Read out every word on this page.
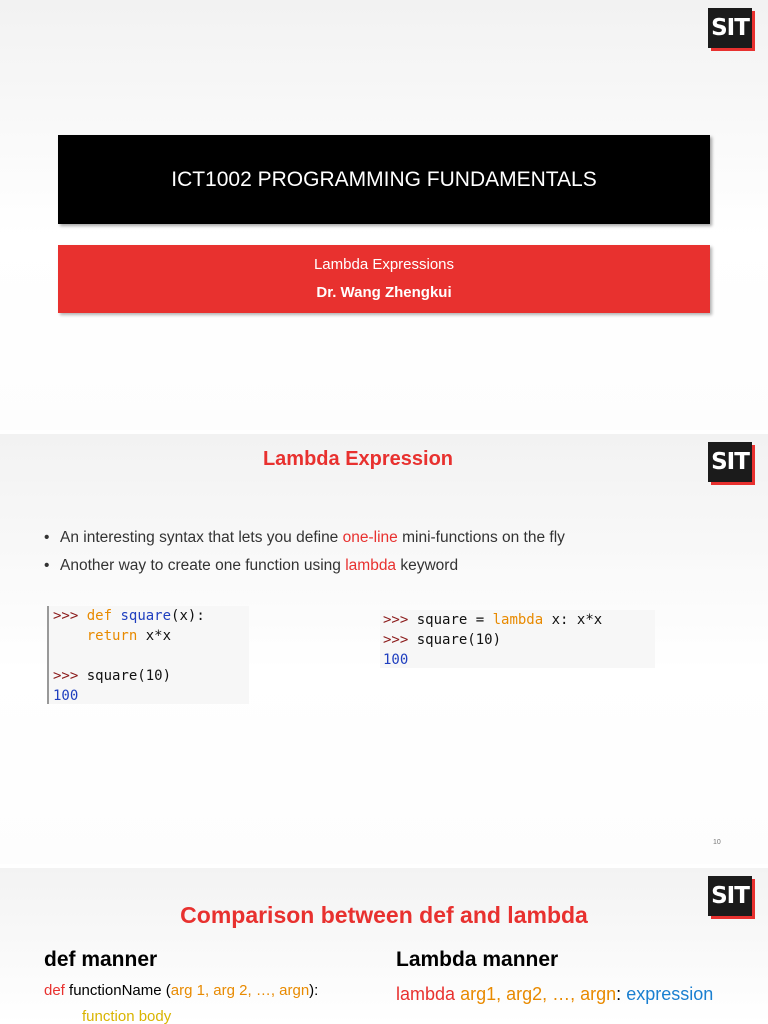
SIT
ICT1002 PROGRAMMING FUNDAMENTALS
Lambda Expressions
Dr. Wang Zhengkui
SIT
Lambda Expression
• An interesting syntax that lets you define one-line mini-functions on the fly
• Another way to create one function using lambda keyword
>>> def square(x):
return x*x

>>> square(10)
100
>>> square = lambda x: x*x
>>> square(10)
100
10
SIT
Comparison between def and lambda
def manner	Lambda manner
def functionName (arg 1, arg 2, …, argn):
function body
lambda arg1, arg2, …, argn: expression
